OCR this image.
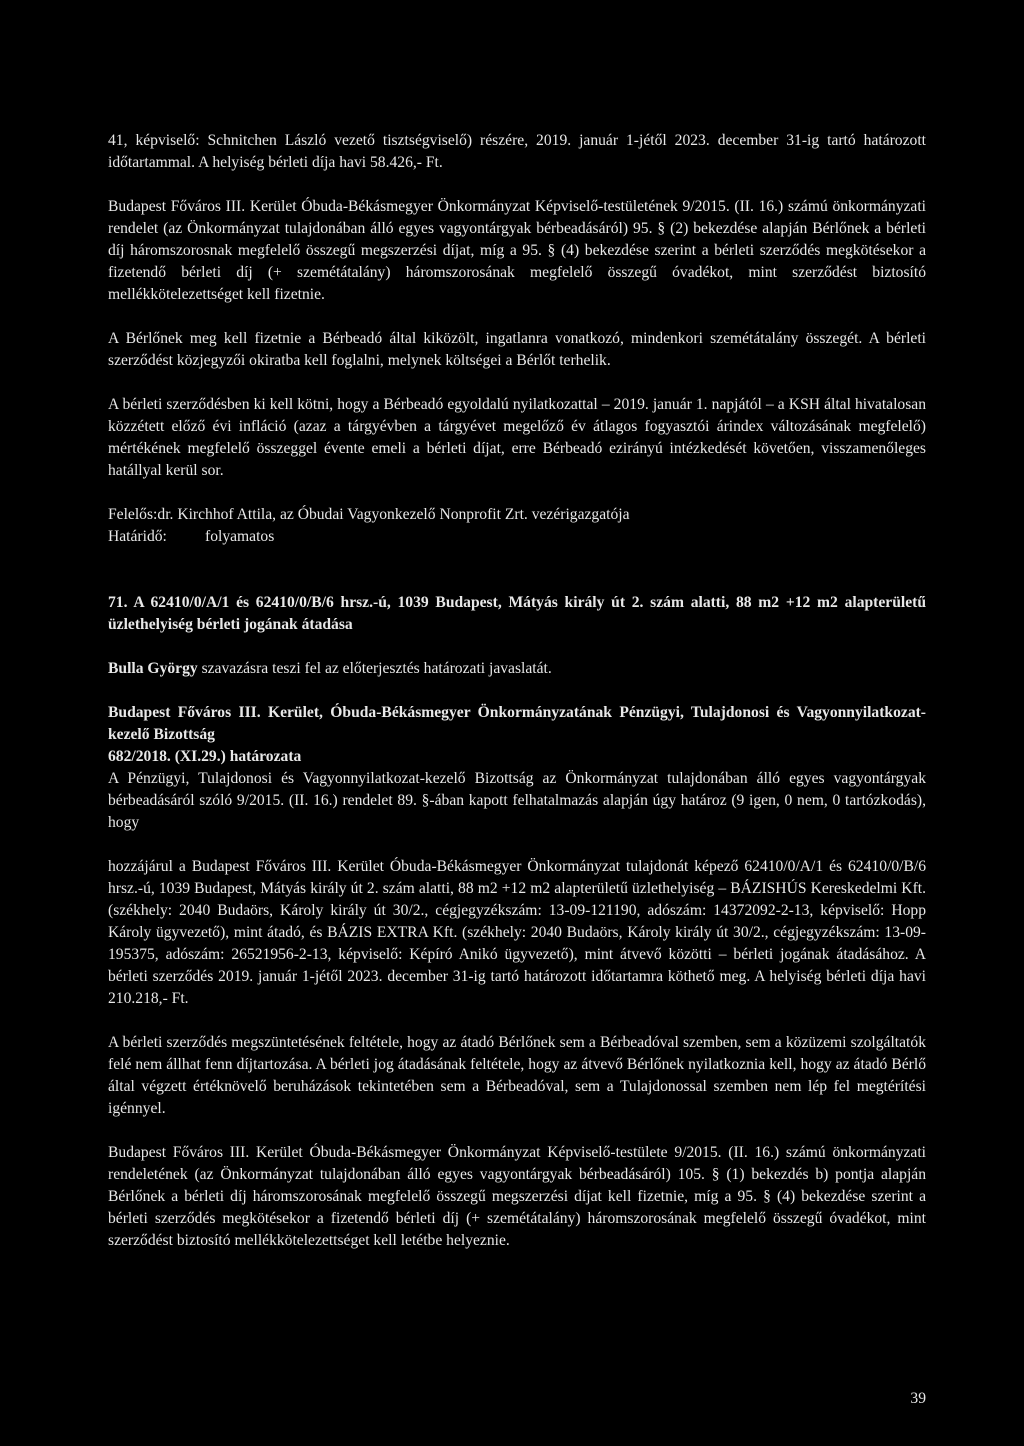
41, képviselő: Schnitchen László vezető tisztségviselő) részére, 2019. január 1-jétől 2023. december 31-ig tartó határozott időtartammal. A helyiség bérleti díja havi 58.426,- Ft.

Budapest Főváros III. Kerület Óbuda-Békásmegyer Önkormányzat Képviselő-testületének 9/2015. (II. 16.) számú önkormányzati rendelet (az Önkormányzat tulajdonában álló egyes vagyontárgyak bérbeadásáról) 95. § (2) bekezdése alapján Bérlőnek a bérleti díj háromszorosnak megfelelő összegű megszerzési díjat, míg a 95. § (4) bekezdése szerint a bérleti szerződés megkötésekor a fizetendő bérleti díj (+ szemétátalány) háromszorosának megfelelő összegű óvadékot, mint szerződést biztosító mellékkötelezettséget kell fizetnie.

A Bérlőnek meg kell fizetnie a Bérbeadó által kiközölt, ingatlanra vonatkozó, mindenkori szemétátalány összegét. A bérleti szerződést közjegyzői okiratba kell foglalni, melynek költségei a Bérlőt terhelik.

A bérleti szerződésben ki kell kötni, hogy a Bérbeadó egyoldalú nyilatkozattal – 2019. január 1. napjától – a KSH által hivatalosan közzétett előző évi infláció (azaz a tárgyévben a tárgyévet megelőző év átlagos fogyasztói árindex változásának megfelelő) mértékének megfelelő összeggel évente emeli a bérleti díjat, erre Bérbeadó ezirányú intézkedését követően, visszamenőleges hatállyal kerül sor.

Felelős: dr. Kirchhof Attila, az Óbudai Vagyonkezelő Nonprofit Zrt. vezérigazgatója
Határidő:	folyamatos

71. A 62410/0/A/1 és 62410/0/B/6 hrsz.-ú, 1039 Budapest, Mátyás király út 2. szám alatti, 88 m2 +12 m2 alapterületű üzlethelyiség bérleti jogának átadása

Bulla György szavazásra teszi fel az előterjesztés határozati javaslatát.

Budapest Főváros III. Kerület, Óbuda-Békásmegyer Önkormányzatának Pénzügyi, Tulajdonosi és Vagyonnyilatkozat-kezelő Bizottság

682/2018. (XI.29.) határozata

A Pénzügyi, Tulajdonosi és Vagyonnyilatkozat-kezelő Bizottság az Önkormányzat tulajdonában álló egyes vagyontárgyak bérbeadásáról szóló 9/2015. (II. 16.) rendelet 89. §-ában kapott felhatalmazás alapján úgy határoz (9 igen, 0 nem, 0 tartózkodás), hogy

hozzájárul a Budapest Főváros III. Kerület Óbuda-Békásmegyer Önkormányzat tulajdonát képező 62410/0/A/1 és 62410/0/B/6 hrsz.-ú, 1039 Budapest, Mátyás király út 2. szám alatti, 88 m2 +12 m2 alapterületű üzlethelyiség – BÁZISHÚS Kereskedelmi Kft. (székhely: 2040 Budaörs, Károly király út 30/2., cégjegyzékszám: 13-09-121190, adószám: 14372092-2-13, képviselő: Hopp Károly ügyvezető), mint átadó, és BÁZIS EXTRA Kft. (székhely: 2040 Budaörs, Károly király út 30/2., cégjegyzékszám: 13-09-195375, adószám: 26521956-2-13, képviselő: Képíró Anikó ügyvezető), mint átvevő közötti – bérleti jogának átadásához. A bérleti szerződés 2019. január 1-jétől 2023. december 31-ig tartó határozott időtartamra köthető meg. A helyiség bérleti díja havi 210.218,- Ft.

A bérleti szerződés megszüntetésének feltétele, hogy az átadó Bérlőnek sem a Bérbeadóval szemben, sem a közüzemi szolgáltatók felé nem állhat fenn díjtartozása. A bérleti jog átadásának feltétele, hogy az átvevő Bérlőnek nyilatkoznia kell, hogy az átadó Bérlő által végzett értéknövelő beruházások tekintetében sem a Bérbeadóval, sem a Tulajdonossal szemben nem lép fel megtérítési igénnyel.

Budapest Főváros III. Kerület Óbuda-Békásmegyer Önkormányzat Képviselő-testülete 9/2015. (II. 16.) számú önkormányzati rendeletének (az Önkormányzat tulajdonában álló egyes vagyontárgyak bérbeadásáról) 105. § (1) bekezdés b) pontja alapján Bérlőnek a bérleti díj háromszorosának megfelelő összegű megszerzési díjat kell fizetnie, míg a 95. § (4) bekezdése szerint a bérleti szerződés megkötésekor a fizetendő bérleti díj (+ szemétátalány) háromszorosának megfelelő összegű óvadékot, mint szerződést biztosító mellékkötelezettséget kell letétbe helyeznie.

39
